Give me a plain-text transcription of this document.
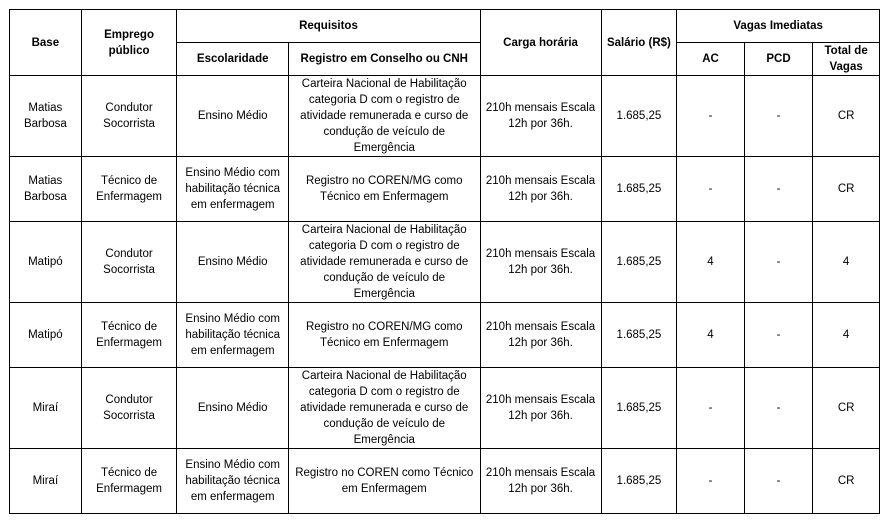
Base	Emprego público	Requisitos		Carga horária	Salário (R$)	Vagas Imediatas		
		Escolaridade	Registro em Conselho ou CNH			AC	PCD	Total de Vagas
Matias Barbosa	Condutor Socorrista	Ensino Médio	Carteira Nacional de Habilitação categoria D com o registro de atividade remunerada e curso de condução de veículo de Emergência	210h mensais Escala 12h por 36h.	1.685,25	-	-	CR
Matias Barbosa	Técnico de Enfermagem	Ensino Médio com habilitação técnica em enfermagem	Registro no COREN/MG como Técnico em Enfermagem	210h mensais Escala 12h por 36h.	1.685,25	-	-	CR
Matipó	Condutor Socorrista	Ensino Médio	Carteira Nacional de Habilitação categoria D com o registro de atividade remunerada e curso de condução de veículo de Emergência	210h mensais Escala 12h por 36h.	1.685,25	4	-	4
Matipó	Técnico de Enfermagem	Ensino Médio com habilitação técnica em enfermagem	Registro no COREN/MG como Técnico em Enfermagem	210h mensais Escala 12h por 36h.	1.685,25	4	-	4
Miraí	Condutor Socorrista	Ensino Médio	Carteira Nacional de Habilitação categoria D com o registro de atividade remunerada e curso de condução de veículo de Emergência	210h mensais Escala 12h por 36h.	1.685,25	-	-	CR
Miraí	Técnico de Enfermagem	Ensino Médio com habilitação técnica em enfermagem	Registro no COREN como Técnico em Enfermagem	210h mensais Escala 12h por 36h.	1.685,25	-	-	CR
